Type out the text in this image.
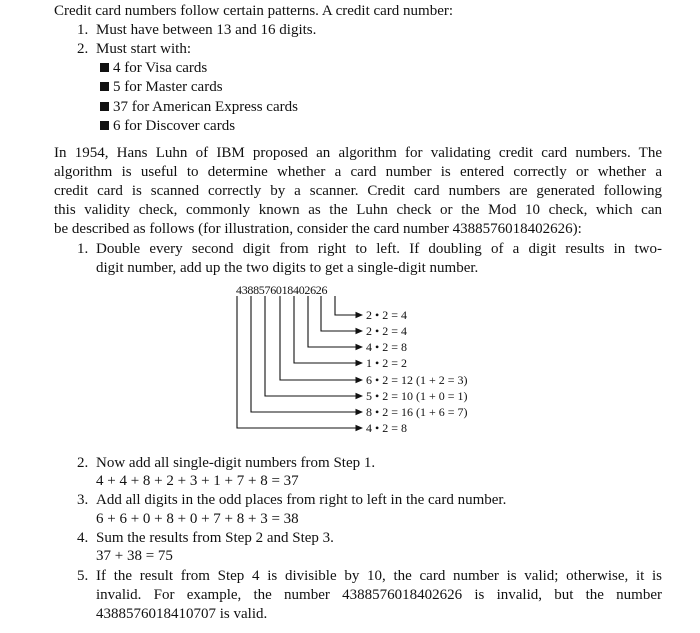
Credit card numbers follow certain patterns. A credit card number:
1. Must have between 13 and 16 digits.
2. Must start with:
4 for Visa cards
5 for Master cards
37 for American Express cards
6 for Discover cards
In 1954, Hans Luhn of IBM proposed an algorithm for validating credit card numbers. The
algorithm is useful to determine whether a card number is entered correctly or whether a
credit card is scanned correctly by a scanner. Credit card numbers are generated following
this validity check, commonly known as the Luhn check or the Mod 10 check, which can
be described as follows (for illustration, consider the card number 4388576018402626):
1. Double every second digit from right to left. If doubling of a digit results in two-
digit number, add up the two digits to get a single-digit number.
4388576018402626
2 • 2 = 4
2 • 2 = 4
4 • 2 = 8
1 • 2 = 2
6 • 2 = 12 (1 + 2 = 3)
5 • 2 = 10 (1 + 0 = 1)
8 • 2 = 16 (1 + 6 = 7)
4 • 2 = 8
2. Now add all single-digit numbers from Step 1.
4 + 4 + 8 + 2 + 3 + 1 + 7 + 8 = 37
3. Add all digits in the odd places from right to left in the card number.
6 + 6 + 0 + 8 + 0 + 7 + 8 + 3 = 38
4. Sum the results from Step 2 and Step 3.
37 + 38 = 75
5. If the result from Step 4 is divisible by 10, the card number is valid; otherwise, it is
invalid. For example, the number 4388576018402626 is invalid, but the number
4388576018410707 is valid.
